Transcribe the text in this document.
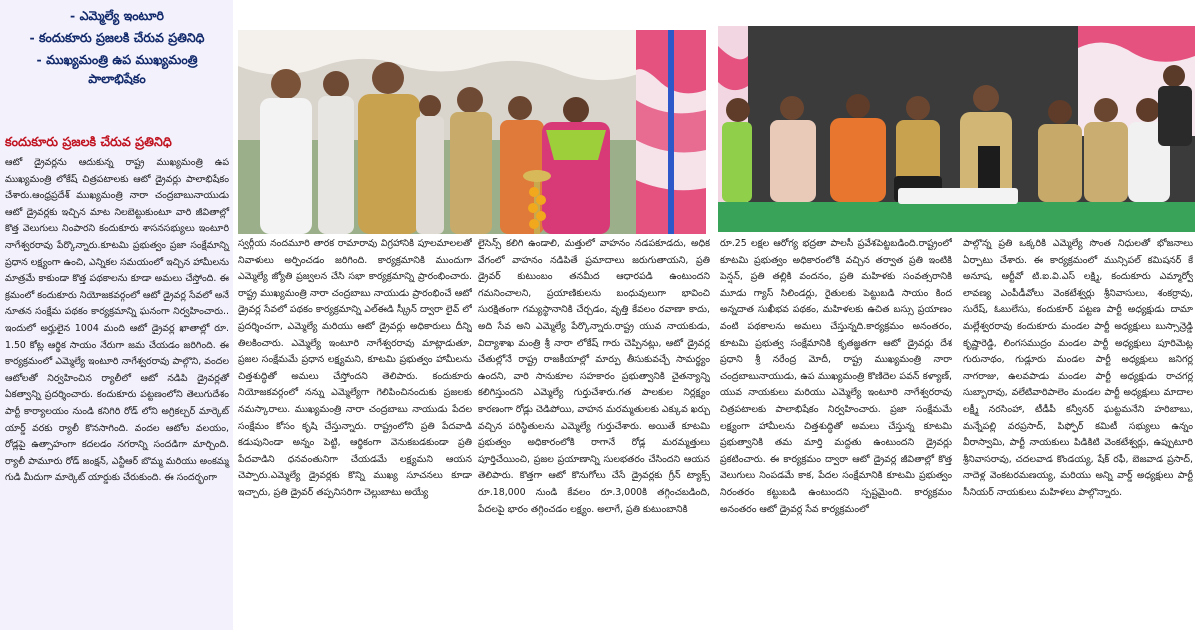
- ఎమ్మెల్యే ఇంటూరి

- కందుకూరు ప్రజలకి చేరువ ప్రతినిధి

- ముఖ్యమంత్రి ఉప ముఖ్యమంత్రి పాలాభిషేకం

కందుకూరు ప్రజలకి చేరువ ప్రతినిధి
ఆటో డ్రైవర్లను ఆదుకున్న రాష్ట్ర ముఖ్యమంత్రి ఉప ముఖ్యమంత్రి లోకేష్ చిత్రపటాలకు ఆటో డ్రైవర్లు పాలాభిషేకం చేశారు.ఆంధ్రప్రదేశ్ ముఖ్యమంత్రి నారా చంద్రబాబునాయుడు ఆటో డ్రైవర్లకు ఇచ్చిన మాట నిలబెట్టుకుంటూ వారి జీవితాల్లో కొత్త వెలుగులు నింపారని కందుకూరు శాసనసభ్యులు ఇంటూరి నాగేశ్వరరావు పేర్కొన్నారు.కూటమి ప్రభుత్వం ప్రజా సంక్షేమాన్ని ప్రధాన లక్ష్యంగా ఉంచి, ఎన్నికల సమయంలో ఇచ్చిన హామీలను మాత్రమే కాకుండా కొత్త పథకాలను కూడా అమలు చేస్తోంది. ఈ క్రమంలో కందుకూరు నియోజకవర్గంలో ఆటో డ్రైవర్ల సేవలో అనే నూతన సంక్షేమ పథకం కార్యక్రమాన్ని ఘనంగా నిర్వహించారు.. ఇందులో అర్హులైన 1004 మంది ఆటో డ్రైవర్ల ఖాతాల్లో రూ. 1.50 కోట్ల ఆర్థిక సాయం నేరుగా జమ చేయడం జరిగింది. ఈ కార్యక్రమంలో ఎమ్మెల్యే ఇంటూరి నాగేశ్వరరావు పాల్గొని, వందల ఆటోలతో నిర్వహించిన ర్యాలీలో ఆటో నడిపి డ్రైవర్లతో ఏకత్వాన్ని ప్రదర్శించారు. కందుకూరు పట్టణంలోని తెలుగుదేశం పార్టీ కార్యాలయం నుండి కనిగిరి రోడ్ లోని అగ్రికల్చర్ మార్కెట్ యార్డ్ వరకు ర్యాలీ కొనసాగింది. వందల ఆటోల వలయం, రోడ్లపై ఉత్సాహంగా కదలడం నగరాన్ని సందడిగా మార్చింది. ర్యాలీ పామూరు రోడ్ జంక్షన్, ఎన్టీఆర్ బొమ్మ మరియు అంకమ్మ గుడి మీదుగా మార్కెట్ యార్డుకు చేరుకుంది. ఈ సందర్భంగా

స్వర్గీయ నందమూరి తారక రామారావు విగ్రహానికి పూలమాలలతో నివాళులు అర్పించడం జరిగింది. కార్యక్రమానికి ముందుగా ఎమ్మెల్యే జ్యోతి ప్రజ్వలన చేసి సభా కార్యక్రమాన్ని ప్రారంభించారు. రాష్ట్ర ముఖ్యమంత్రి నారా చంద్రబాబు నాయుడు ప్రారంభించే ఆటో డ్రైవర్ల సేవలో పథకం కార్యక్రమాన్ని ఎల్ఈడి స్క్రీన్ ద్వారా లైవ్ లో ప్రదర్శించగా, ఎమ్మెల్యే మరియు ఆటో డ్రైవర్లు అధికారులు దీన్ని తిలకించారు. ఎమ్మెల్యే ఇంటూరి నాగేశ్వరరావు మాట్లాడుతూ, ప్రజల సంక్షేమమే ప్రధాన లక్ష్యమని, కూటమి ప్రభుత్వం హామీలను చిత్తశుద్ధితో అమలు చేస్తోందని తెలిపారు. కందుకూరు నియోజకవర్గంలో నన్ను ఎమ్మెల్యేగా గెలిపించినందుకు ప్రజలకు నమస్కారాలు. ముఖ్యమంత్రి నారా చంద్రబాబు నాయుడు పేదల సంక్షేమం కోసం కృషి చేస్తున్నారు. రాష్ట్రంలోని ప్రతి పేదవాడి కడుపునిండా అన్నం పెట్టి, ఆర్థికంగా వెనుకబడకుండా ప్రతి పేదవాడిని ధనవంతునిగా చేయడమే లక్ష్యమని ఆయన చెప్పారు.ఎమ్మెల్యే డ్రైవర్లకు కొన్ని ముఖ్య సూచనలు కూడా ఇచ్చారు, ప్రతి డ్రైవర్ తప్పనిసరిగా చెల్లుబాటు అయ్యే

లైసెన్స్ కలిగి ఉండాలి, మత్తులో వాహనం నడపకూడదు, అధిక వేగంలో వాహనం నడిపితే ప్రమాదాలు జరుగుతాయని, ప్రతి డ్రైవర్ కుటుంబం తనమీద ఆధారపడి ఉంటుందని గమనించాలని, ప్రయాణికులను బంధువులుగా భావించి సురక్షితంగా గమ్యస్థానానికి చేర్చడం, వృత్తి కేవలం రవాణా కాదు, అది సేవ అని ఎమ్మెల్యే పేర్కొన్నారు.రాష్ట్ర యువ నాయకుడు, విద్యాశాఖ మంత్రి శ్రీ నారా లోకేష్ గారు చెప్పినట్లు, ఆటో డ్రైవర్ల చేతుల్లోనే రాష్ట్ర రాజకీయాల్లో మార్పు తీసుకువచ్చే సామర్థ్యం ఉందని, వారి సానుకూల సహకారం ప్రభుత్వానికి చైతన్యాన్ని కలిగిస్తుందని ఎమ్మెల్యే గుర్తుచేశారు.గత పాలకుల నిర్లక్ష్యం కారణంగా రోడ్లు చెడిపోయి, వాహన మరమ్మతులకు ఎక్కువ ఖర్చు వచ్చిన పరిస్థితులను ఎమ్మెల్యే గుర్తుచేశారు. అయితే కూటమి ప్రభుత్వం అధికారంలోకి రాగానే రోడ్ల మరమ్మత్తులు పూర్తిచేయించి, ప్రజల ప్రయాణాన్ని సులభతరం చేసిందని ఆయన తెలిపారు. కొత్తగా ఆటో కొనుగోలు చేసే డ్రైవర్లకు గ్రీన్ ట్యాక్స్ రూ.18,000 నుండి కేవలం రూ.3,000కి తగ్గించబడింది, పేదలపై భారం తగ్గించడం లక్ష్యం. అలాగే, ప్రతి కుటుంబానికి

రూ.25 లక్షల ఆరోగ్య భద్రతా పాలసీ ప్రవేశపెట్టబడింది.రాష్ట్రంలో కూటమి ప్రభుత్వం అధికారంలోకి వచ్చిన తర్వాత ప్రతి ఇంటికి పెన్షన్, ప్రతి తల్లికి వందనం, ప్రతి మహిళకు సంవత్సరానికి మూడు గ్యాస్ సిలిండర్లు, రైతులకు పెట్టుబడి సాయం కింద అన్నదాత సుఖీభవ పథకం, మహిళలకు ఉచిత బస్సు ప్రయాణం వంటి పథకాలను అమలు చేస్తున్నది.కార్యక్రమం అనంతరం, కూటమి ప్రభుత్వ సంక్షేమానికి కృతజ్ఞతగా ఆటో డ్రైవర్లు దేశ ప్రధాని శ్రీ నరేంద్ర మోదీ, రాష్ట్ర ముఖ్యమంత్రి నారా చంద్రబాబునాయుడు, ఉప ముఖ్యమంత్రి కొణిదెల పవన్ కళ్యాణ్, యువ నాయకులు మరియు ఎమ్మెల్యే ఇంటూరి నాగేశ్వరరావు చిత్రపటాలకు పాలాభిషేకం నిర్వహించారు. ప్రజా సంక్షేమమే లక్ష్యంగా హామీలను చిత్తశుద్ధితో అమలు చేస్తున్న కూటమి ప్రభుత్వానికి తమ మార్తి మద్దతు ఉంటుందని డ్రైవర్లు ప్రకటించారు. ఈ కార్యక్రమం ద్వారా ఆటో డ్రైవర్ల జీవితాల్లో కొత్త వెలుగులు నింపడమే కాక, పేదల సంక్షేమానికి కూటమి ప్రభుత్వం నిరంతరం కట్టుబడి ఉంటుందని స్పష్టమైంది. కార్యక్రమం అనంతరం ఆటో డ్రైవర్ల సేవ కార్యక్రమంలో

పాల్గొన్న ప్రతి ఒక్కరికి ఎమ్మెల్యే సొంత నిధులతో భోజనాలు ఏర్పాటు చేశారు. ఈ కార్యక్రమంలో మున్సిపల్ కమిషనర్ కే అనూష, ఆర్టీవో టి.ఐ.వి.ఎస్ లక్ష్మి, కందుకూరు ఎమ్మార్వో లావణ్య ఎంపీడీవోలు వెంకటేశ్వర్లు శ్రీనివాసులు, శంకర్రావు, సురేష్, ఓబులేసు, కందుకూర్ పట్టణ పార్టీ అధ్యక్షుడు దామా మల్లేశ్వరరావు కందుకూరు మండల పార్టీ అధ్యక్షులు బుస్సాన్రెడ్డి కృష్ణారెడ్డి, లింగసముద్రం మండల పార్టీ అధ్యక్షులు పూరిమెట్ల గురునాథం, గుడ్లూరు మండల పార్టీ అధ్యక్షులు జనిగర్ల నాగరాజు, ఉలవపాడు మండల పార్టీ అధ్యక్షుడు రాచగర్ల సుబ్బారావు, వలేటివారిపాలెం మండల పార్టీ అధ్యక్షులు మాదాల లక్ష్మీ నరసింహా, టీడీపీ కన్వీనర్ ఘట్టమనేని హరిబాబు, మన్నేపల్లి వరప్రసాద్, పిఫ్ఫోర్ కమిటీ సభ్యులు ఉన్నం వీరాస్వామి, పార్టీ నాయకులు పిడికిటి వెంకటేశ్వర్లు, ఉప్పుటూరి శ్రీనివాసరావు, చదలవాడ కొండయ్య, షేక్ రఫీ, బెజవాడ ప్రసాద్, నాదెళ్ల వెంకటరమణయ్య, మరియు అన్ని వార్డ్ అధ్యక్షులు పార్టీ సీనియర్ నాయకులు మహిళలు పాల్గొన్నారు.
